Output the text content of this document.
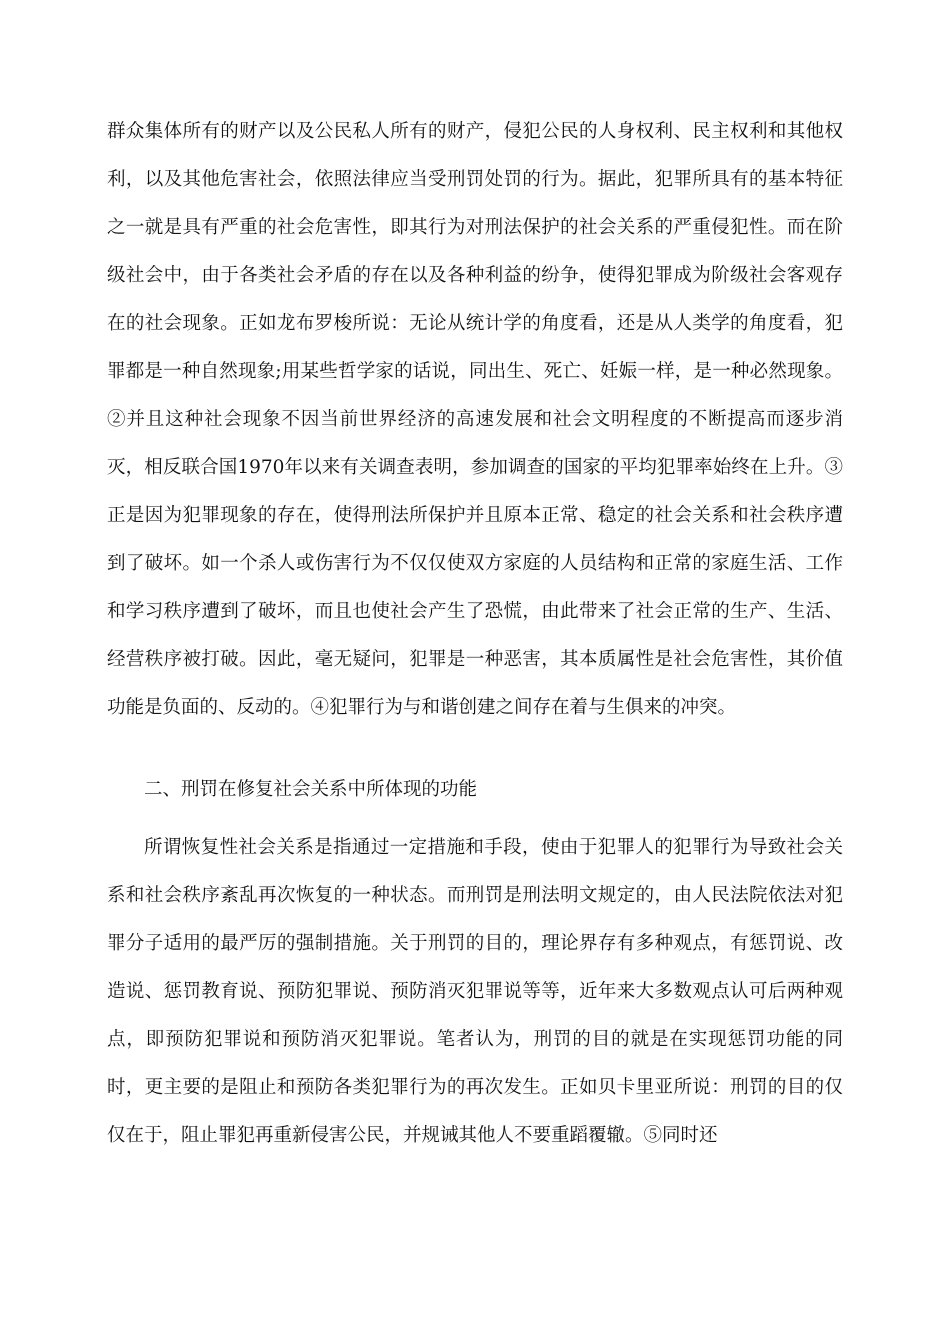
群众集体所有的财产以及公民私人所有的财产，侵犯公民的人身权利、民主权利和其他权利，以及其他危害社会，依照法律应当受刑罚处罚的行为。据此，犯罪所具有的基本特征之一就是具有严重的社会危害性，即其行为对刑法保护的社会关系的严重侵犯性。而在阶级社会中，由于各类社会矛盾的存在以及各种利益的纷争，使得犯罪成为阶级社会客观存在的社会现象。正如龙布罗梭所说：无论从统计学的角度看，还是从人类学的角度看，犯罪都是一种自然现象;用某些哲学家的话说，同出生、死亡、妊娠一样，是一种必然现象。②并且这种社会现象不因当前世界经济的高速发展和社会文明程度的不断提高而逐步消灭，相反联合国1970年以来有关调查表明，参加调查的国家的平均犯罪率始终在上升。③正是因为犯罪现象的存在，使得刑法所保护并且原本正常、稳定的社会关系和社会秩序遭到了破坏。如一个杀人或伤害行为不仅仅使双方家庭的人员结构和正常的家庭生活、工作和学习秩序遭到了破坏，而且也使社会产生了恐慌，由此带来了社会正常的生产、生活、经营秩序被打破。因此，毫无疑问，犯罪是一种恶害，其本质属性是社会危害性，其价值功能是负面的、反动的。④犯罪行为与和谐创建之间存在着与生俱来的冲突。

二、刑罚在修复社会关系中所体现的功能

所谓恢复性社会关系是指通过一定措施和手段，使由于犯罪人的犯罪行为导致社会关系和社会秩序紊乱再次恢复的一种状态。而刑罚是刑法明文规定的，由人民法院依法对犯罪分子适用的最严厉的强制措施。关于刑罚的目的，理论界存有多种观点，有惩罚说、改造说、惩罚教育说、预防犯罪说、预防消灭犯罪说等等，近年来大多数观点认可后两种观点，即预防犯罪说和预防消灭犯罪说。笔者认为，刑罚的目的就是在实现惩罚功能的同时，更主要的是阻止和预防各类犯罪行为的再次发生。正如贝卡里亚所说：刑罚的目的仅仅在于，阻止罪犯再重新侵害公民，并规诫其他人不要重蹈覆辙。⑤同时还
